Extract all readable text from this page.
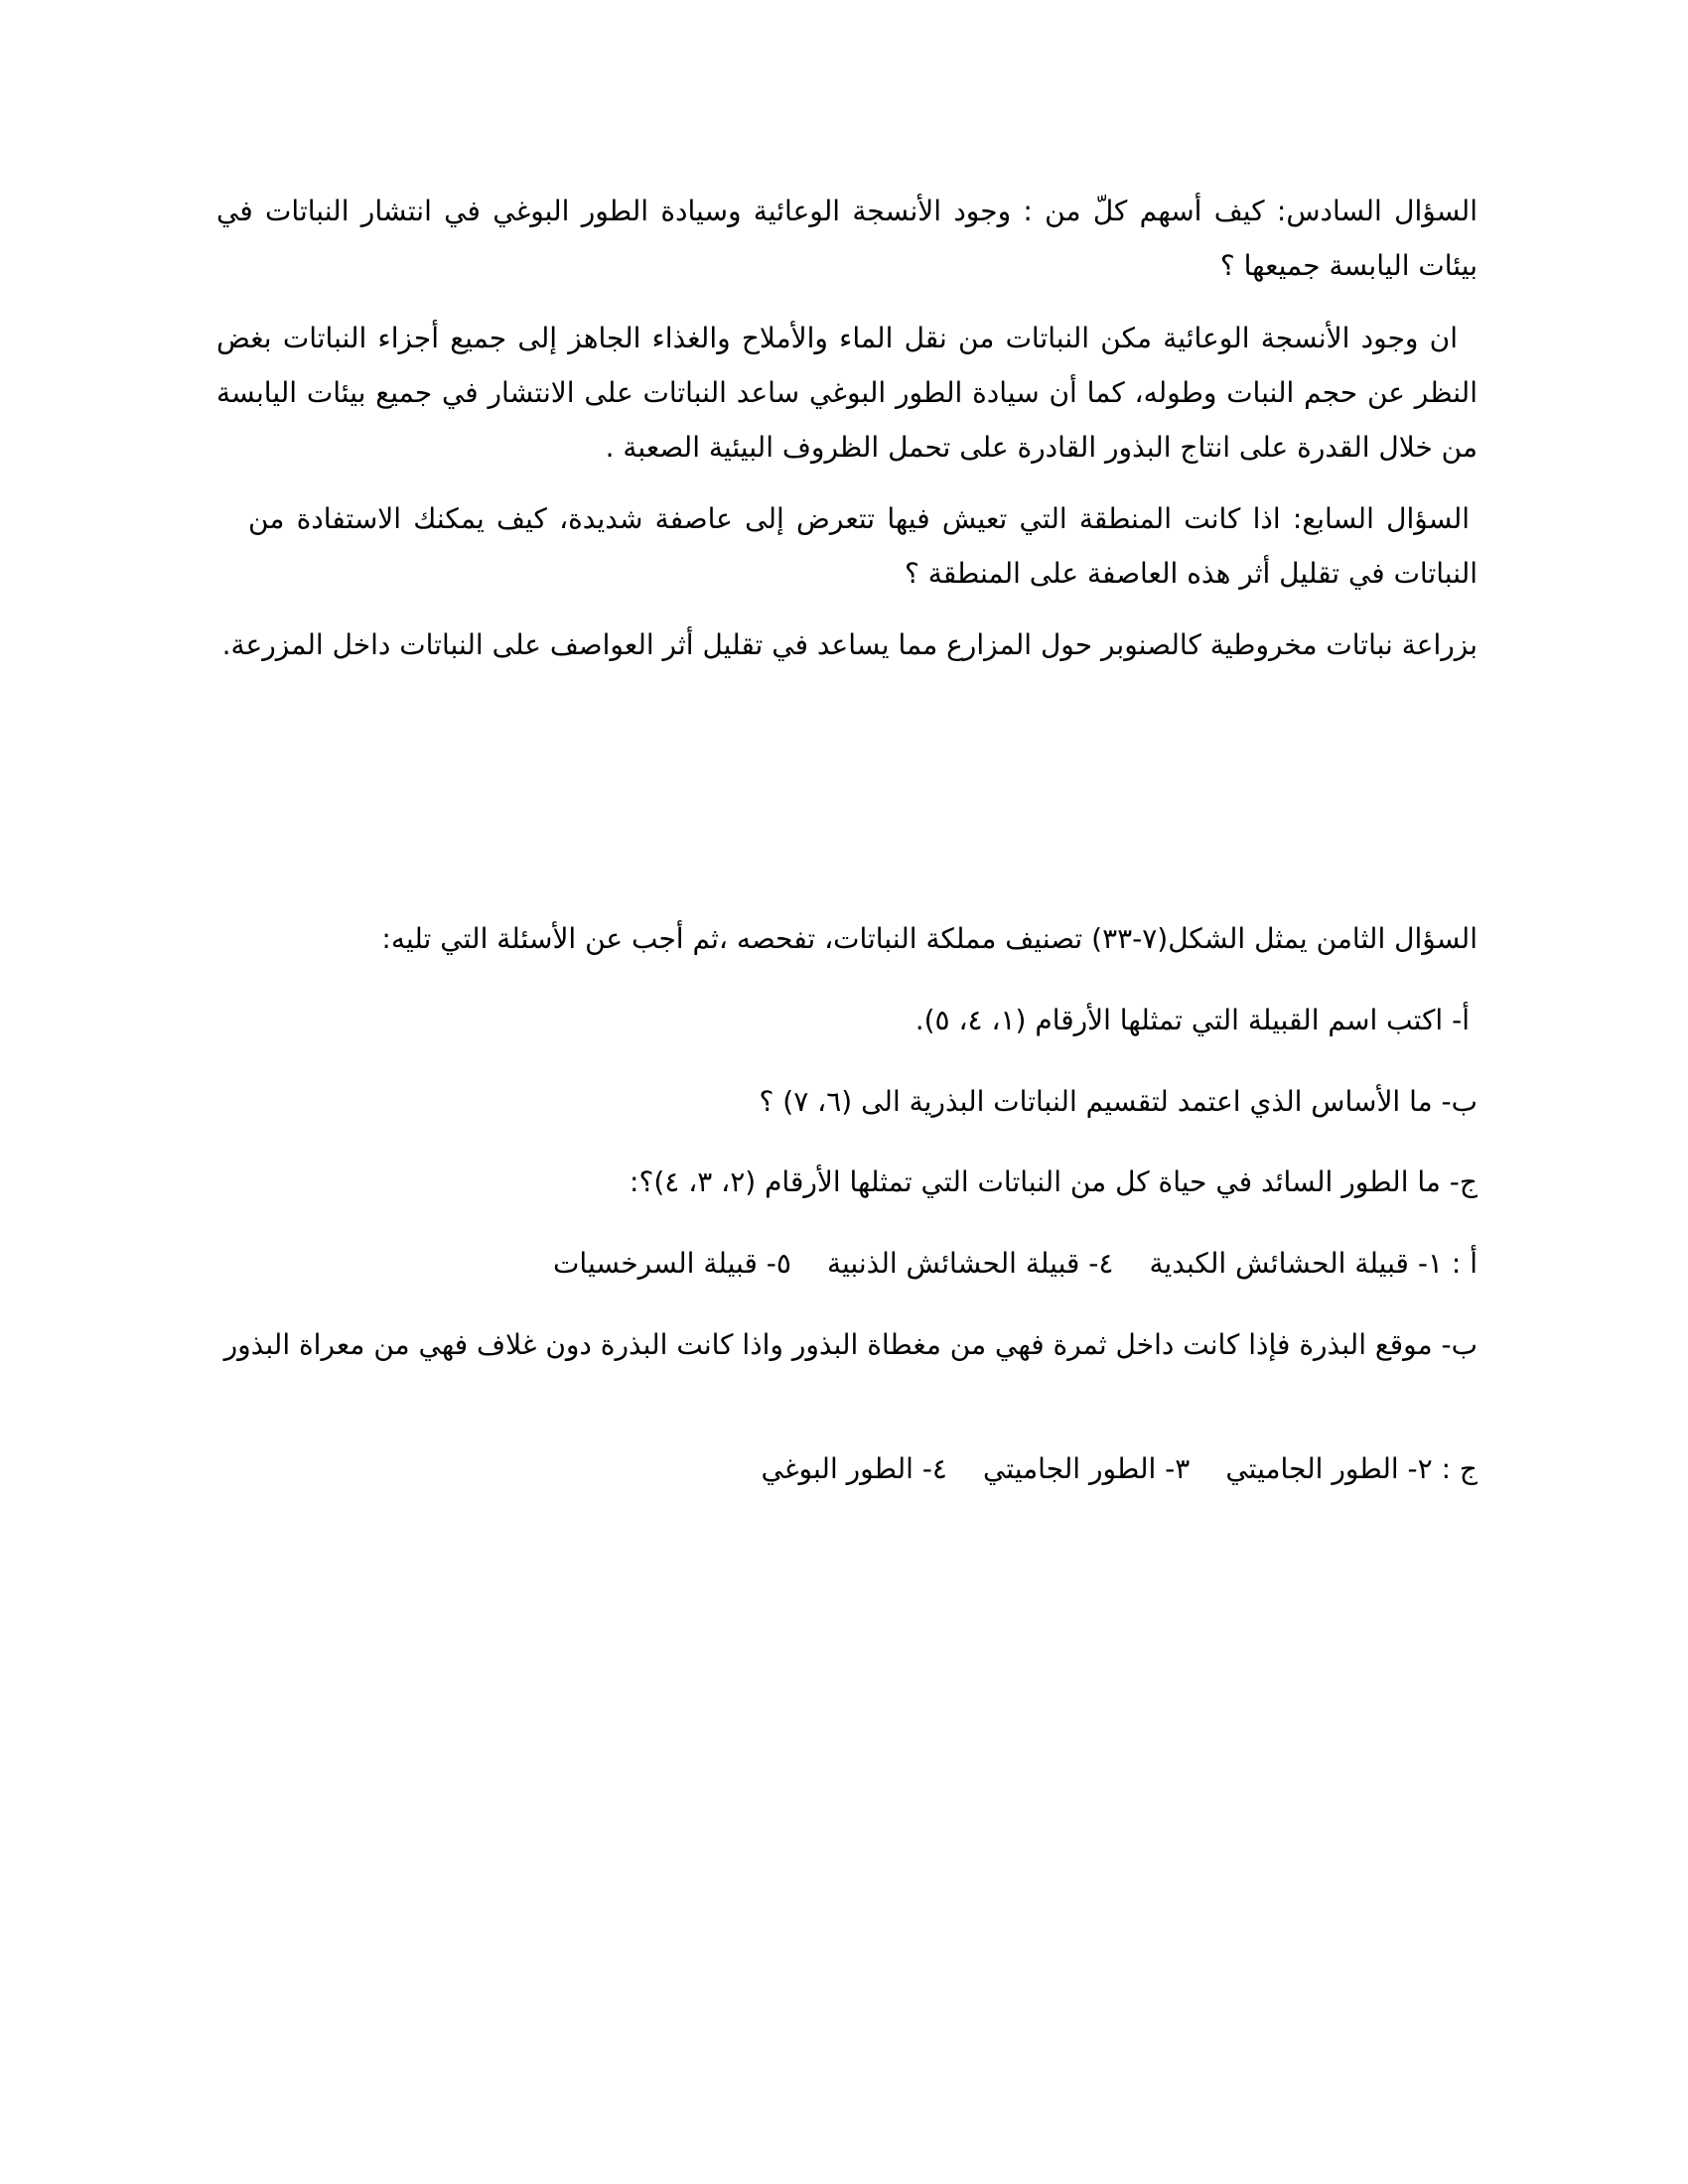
السؤال السادس: كيف أسهم كلّ من : وجود الأنسجة الوعائية وسيادة الطور البوغي في انتشار النباتات في بيئات اليابسة جميعها ؟

ان وجود الأنسجة الوعائية مكن النباتات من نقل الماء والأملاح والغذاء الجاهز إلى جميع أجزاء النباتات بغض النظر عن حجم النبات وطوله، كما أن سيادة الطور البوغي ساعد النباتات على الانتشار في جميع بيئات اليابسة من خلال القدرة على انتاج البذور القادرة على تحمل الظروف البيئية الصعبة .

السؤال السابع: اذا كانت المنطقة التي تعيش فيها تتعرض إلى عاصفة شديدة، كيف يمكنك الاستفادة من النباتات في تقليل أثر هذه العاصفة على المنطقة ؟

بزراعة نباتات مخروطية كالصنوبر حول المزارع مما يساعد في تقليل أثر العواصف على النباتات داخل المزرعة.

السؤال الثامن يمثل الشكل(٧-٣٣) تصنيف مملكة النباتات، تفحصه ،ثم أجب عن الأسئلة التي تليه:

أ- اكتب اسم القبيلة التي تمثلها الأرقام (١، ٤، ٥).

ب- ما الأساس الذي اعتمد لتقسيم النباتات البذرية الى (٦، ٧) ؟

ج- ما الطور السائد في حياة كل من النباتات التي تمثلها الأرقام (٢، ٣، ٤)؟:

أ : ١- قبيلة الحشائش الكبدية٤- قبيلة الحشائش الذنبية٥- قبيلة السرخسيات

ب- موقع البذرة فإذا كانت داخل ثمرة فهي من مغطاة البذور واذا كانت البذرة دون غلاف فهي من معراة البذور

ج : ٢- الطور الجاميتي٣- الطور الجاميتي٤- الطور البوغي
